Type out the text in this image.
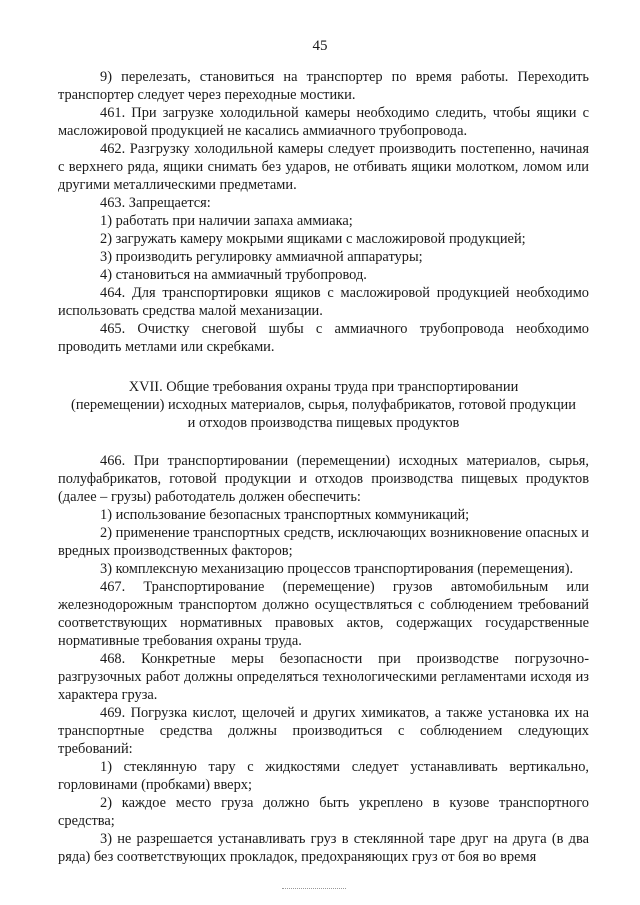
45

9) перелезать, становиться на транспортер по время работы. Переходить транспортер следует через переходные мостики.

461. При загрузке холодильной камеры необходимо следить, чтобы ящики с масложировой продукцией не касались аммиачного трубопровода.

462. Разгрузку холодильной камеры следует производить постепенно, начиная с верхнего ряда, ящики снимать без ударов, не отбивать ящики молотком, ломом или другими металлическими предметами.

463. Запрещается:

1) работать при наличии запаха аммиака;

2) загружать камеру мокрыми ящиками с масложировой продукцией;

3) производить регулировку аммиачной аппаратуры;

4) становиться на аммиачный трубопровод.

464. Для транспортировки ящиков с масложировой продукцией необходимо использовать средства малой механизации.

465. Очистку снеговой шубы с аммиачного трубопровода необходимо проводить метлами или скребками.

XVII. Общие требования охраны труда при транспортировании
(перемещении) исходных материалов, сырья, полуфабрикатов, готовой продукции
и отходов производства пищевых продуктов

466. При транспортировании (перемещении) исходных материалов, сырья, полуфабрикатов, готовой продукции и отходов производства пищевых продуктов (далее – грузы) работодатель должен обеспечить:

1) использование безопасных транспортных коммуникаций;

2) применение транспортных средств, исключающих возникновение опасных и вредных производственных факторов;

3) комплексную механизацию процессов транспортирования (перемещения).

467. Транспортирование (перемещение) грузов автомобильным или железнодорожным транспортом должно осуществляться с соблюдением требований соответствующих нормативных правовых актов, содержащих государственные нормативные требования охраны труда.

468. Конкретные меры безопасности при производстве погрузочно-разгрузочных работ должны определяться технологическими регламентами исходя из характера груза.

469. Погрузка кислот, щелочей и других химикатов, а также установка их на транспортные средства должны производиться с соблюдением следующих требований:

1) стеклянную тару с жидкостями следует устанавливать вертикально, горловинами (пробками) вверх;

2) каждое место груза должно быть укреплено в кузове транспортного средства;

3) не разрешается устанавливать груз в стеклянной таре друг на друга (в два ряда) без соответствующих прокладок, предохраняющих груз от боя во время
